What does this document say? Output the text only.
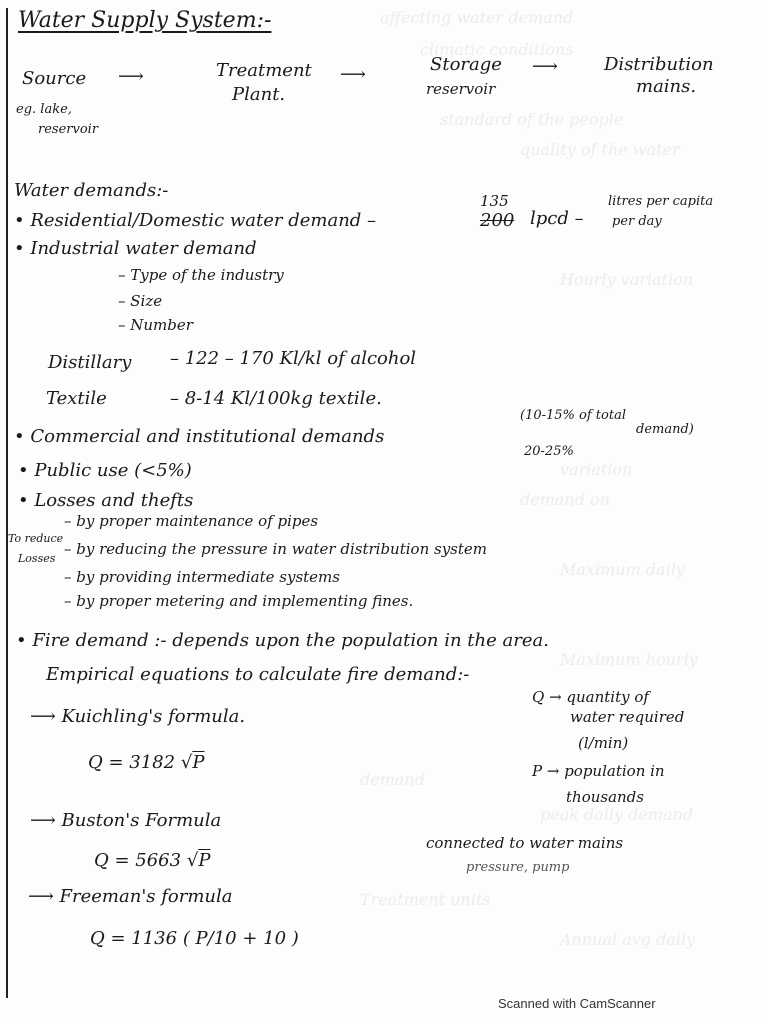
affecting water demand
climatic conditions
standard of the people
quality of the water
Hourly variation
variation
demand on
Maximum daily
Maximum hourly
demand
peak daily demand
Treatment units
Annual avg daily
Water Supply System:-
Source
eg. lake,
reservoir
⟶	Treatment
Plant.
⟶	Storage
reservoir
⟶	Distribution
mains.
Water demands:-
• Residential/Domestic water demand –
135
200 lpcd –
litres per capita
per day
• Industrial water demand
– Type of the industry
– Size
– Number
Distillary – 122 – 170 Kl/kl of alcohol
Textile	– 8-14 Kl/100kg textile.
• Commercial and institutional demands
(10-15% of total
demand)
20-25%
• Public use (<5%)
• Losses and thefts
To reduce
Losses
– by proper maintenance of pipes
– by reducing the pressure in water distribution system
– by providing intermediate systems
– by proper metering and implementing fines.
• Fire demand :- depends upon the population in the area.
Empirical equations to calculate fire demand:-
⟶ Kuichling's formula.
Q = 3182 √P
Q → quantity of
water required
(l/min)
P → population in
thousands
⟶ Buston's Formula
Q = 5663 √P
connected to water mains
pressure, pump
⟶ Freeman's formula
Q = 1136 ( P/10 + 10 )
Scanned with CamScanner
